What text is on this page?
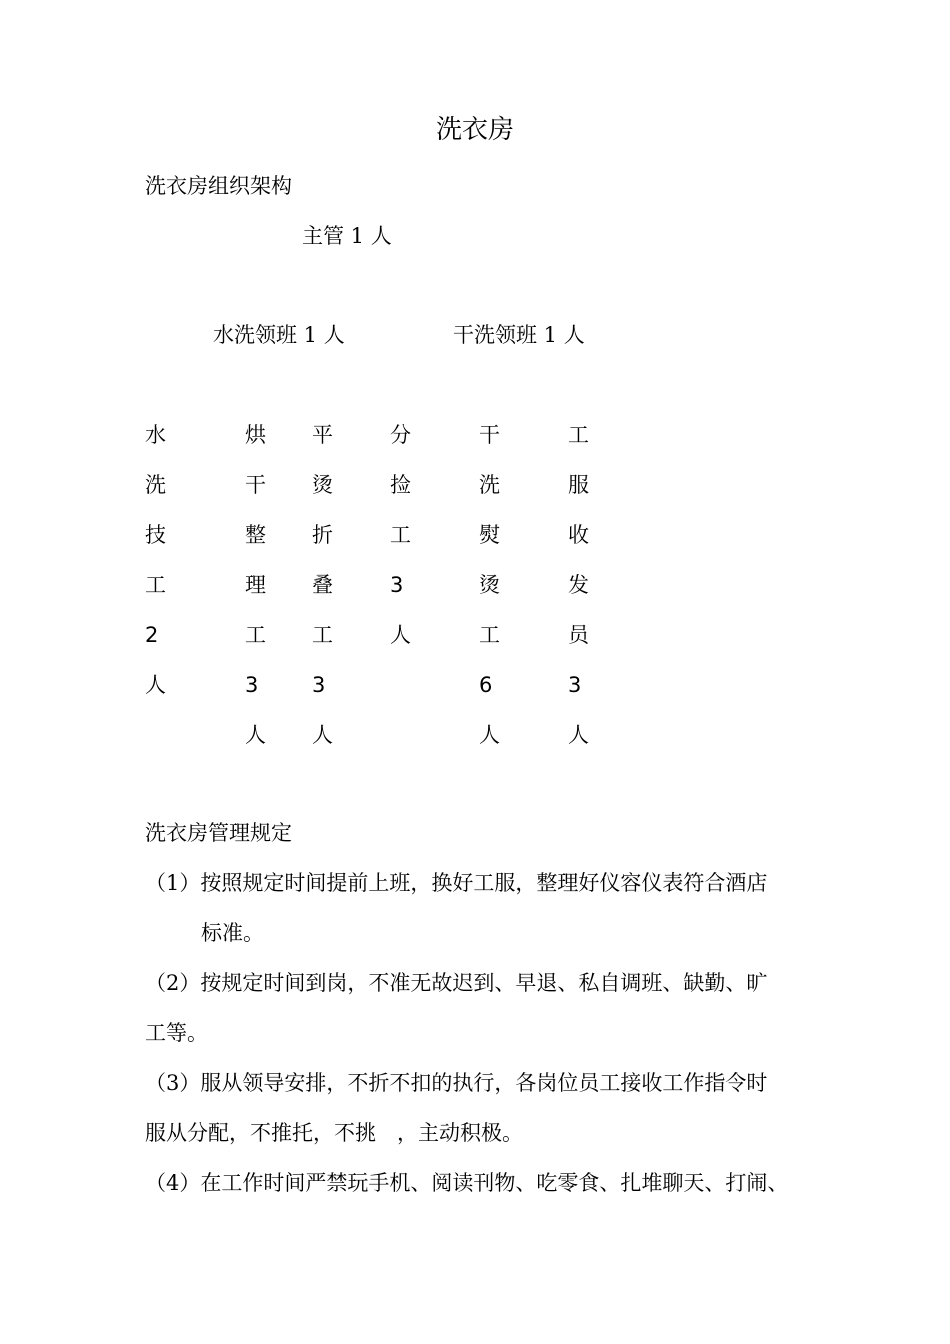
洗衣房
洗衣房组织架构
主管 1 人
水洗领班 1 人	干洗领班 1 人
水
洗
技
工
2
人
烘
干
整
理
工
3
人
平
烫
折
叠
工
3
人
分
捡
工
3
人
干
洗
熨
烫
工
6
人
工
服
收
发
员
3
人
洗衣房管理规定
（1）按照规定时间提前上班，换好工服，整理好仪容仪表符合酒店
标准。
（2）按规定时间到岗，不准无故迟到、早退、私自调班、缺勤、旷
工等。
（3）服从领导安排，不折不扣的执行，各岗位员工接收工作指令时
服从分配，不推托，不挑　，主动积极。
（4）在工作时间严禁玩手机、阅读刊物、吃零食、扎堆聊天、打闹、
